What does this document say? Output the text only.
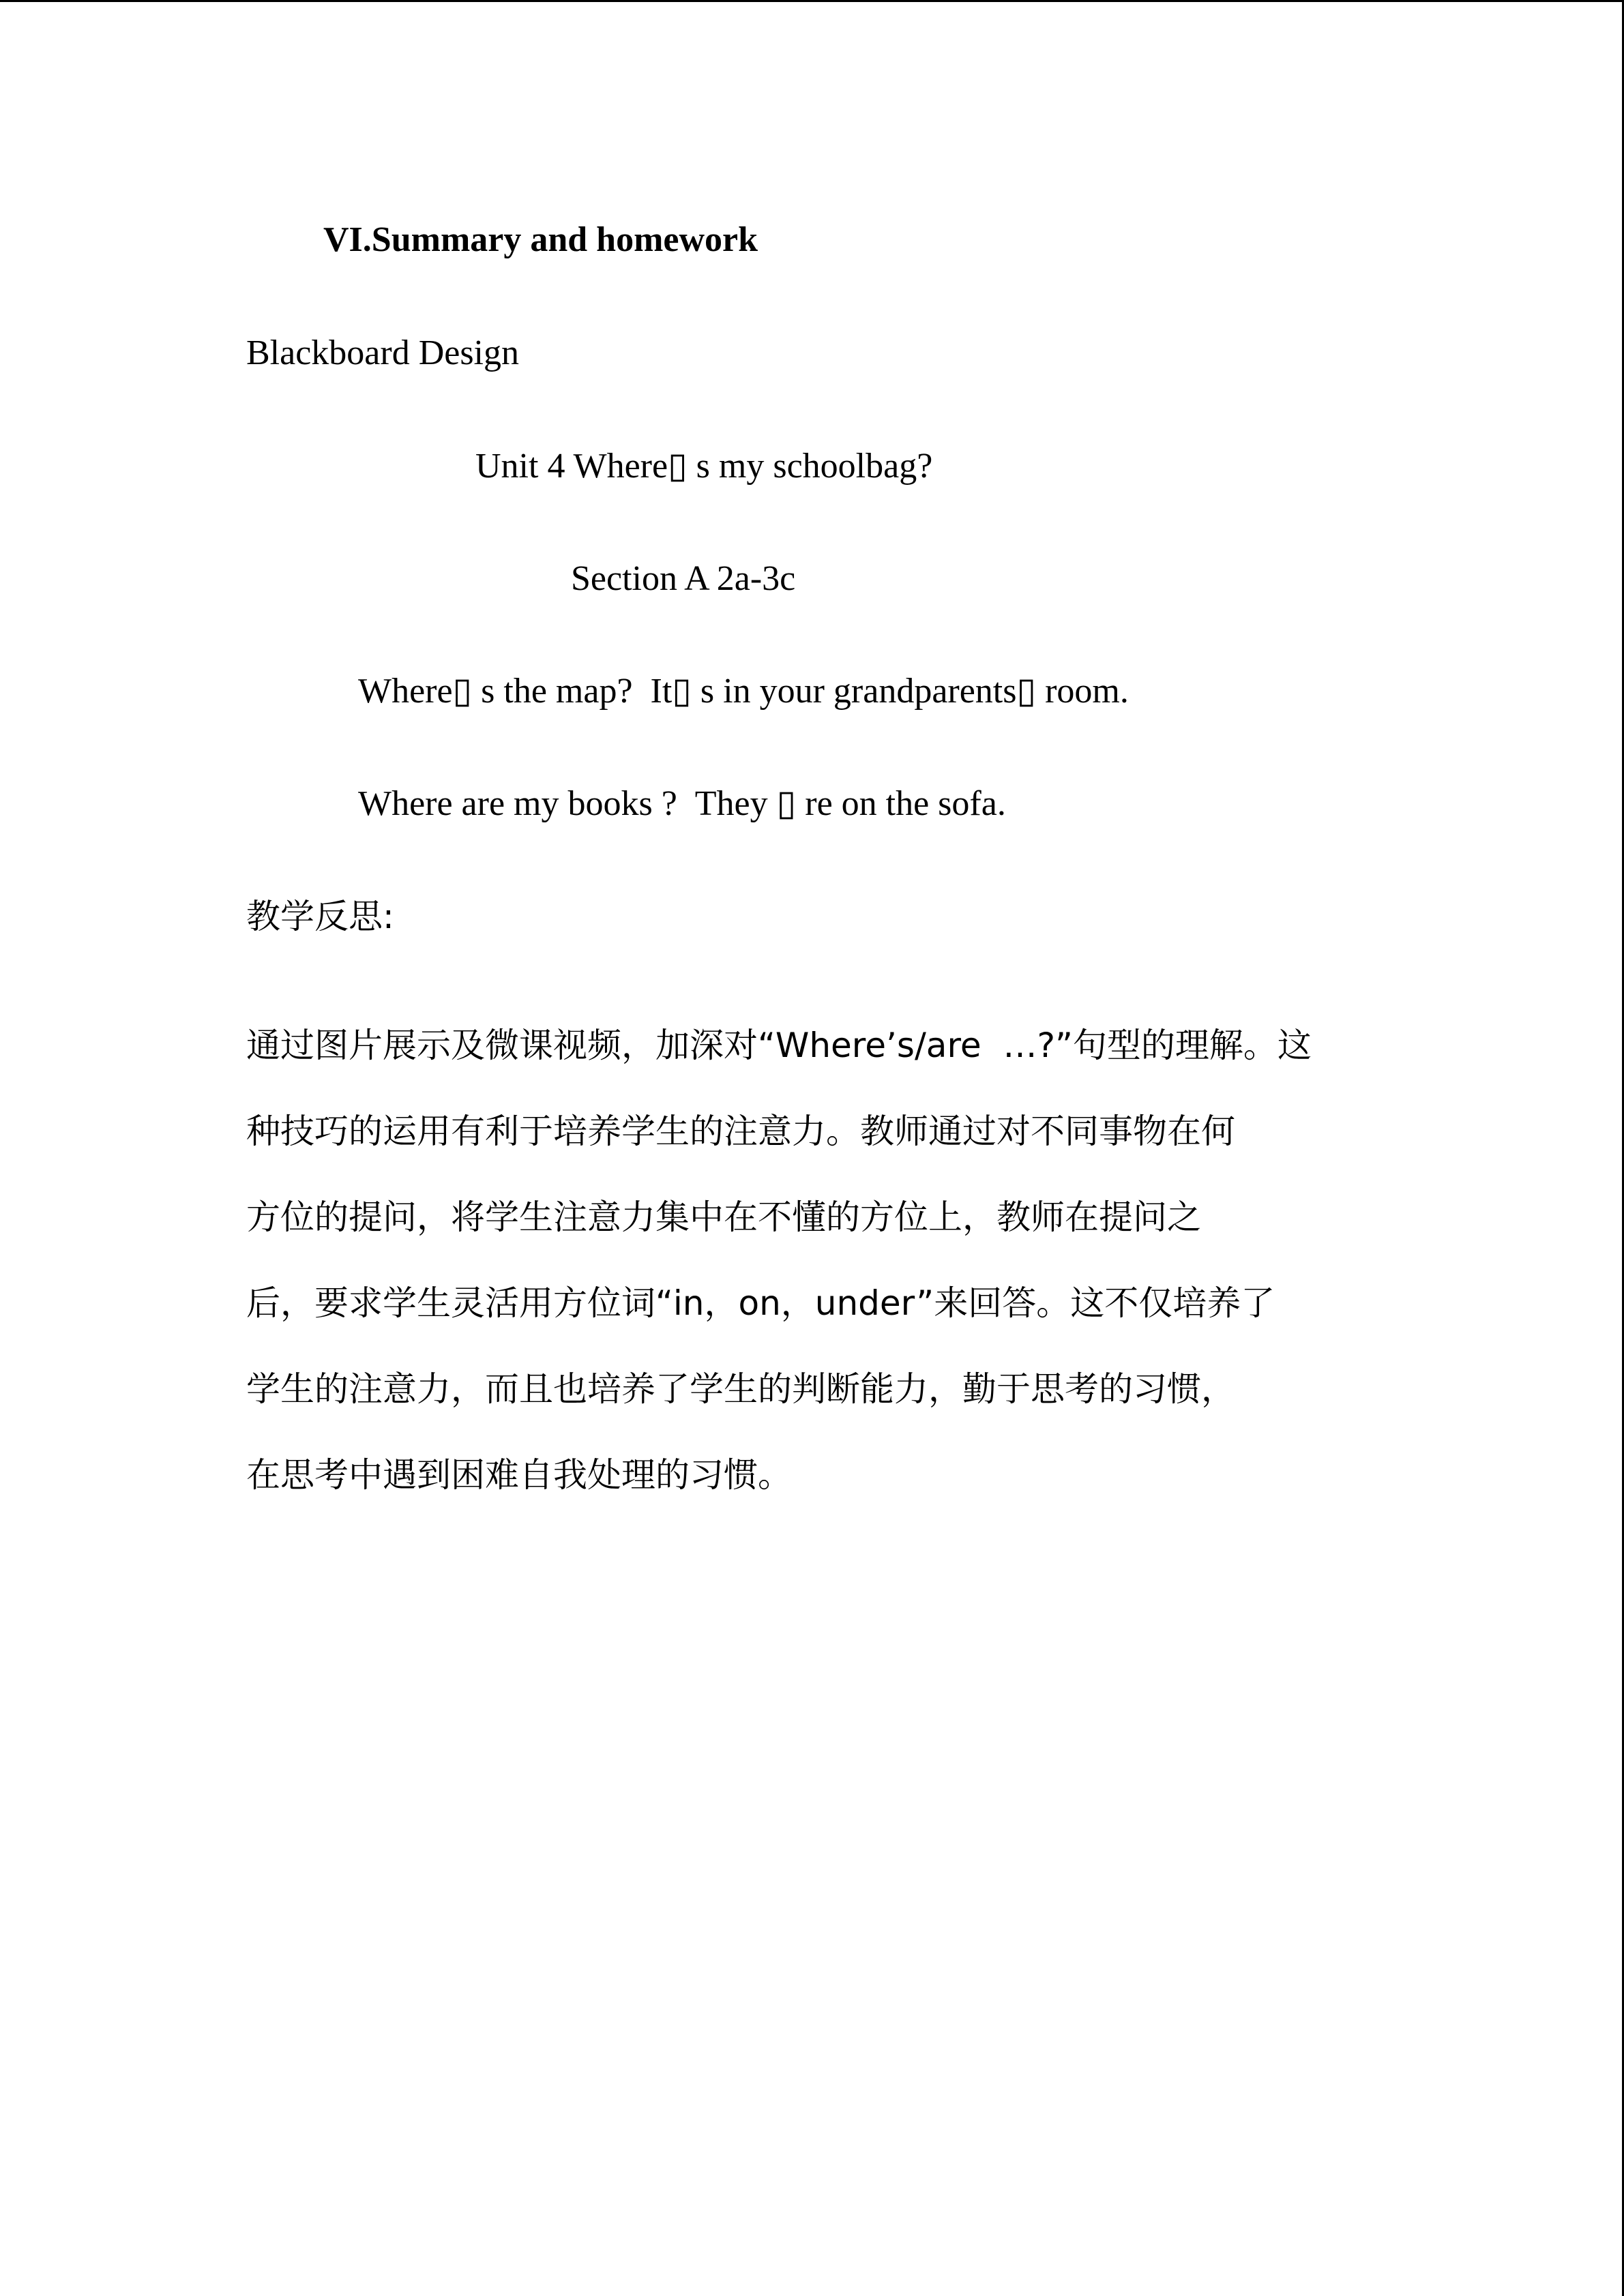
VI.Summary and homework
Blackboard Design
Unit 4 Where▯ s my schoolbag?
Section A 2a-3c
Where▯ s the map? It▯ s in your grandparents▯ room.
Where are my books ? They ▯ re on the sofa.
教学反思:
通过图片展示及微课视频，加深对“Where’s/are  …?”句型的理解。这
种技巧的运用有利于培养学生的注意力。教师通过对不同事物在何
方位的提问，将学生注意力集中在不懂的方位上，教师在提问之
后，要求学生灵活用方位词“in，on，under”来回答。这不仅培养了
学生的注意力，而且也培养了学生的判断能力，勤于思考的习惯，
在思考中遇到困难自我处理的习惯。
